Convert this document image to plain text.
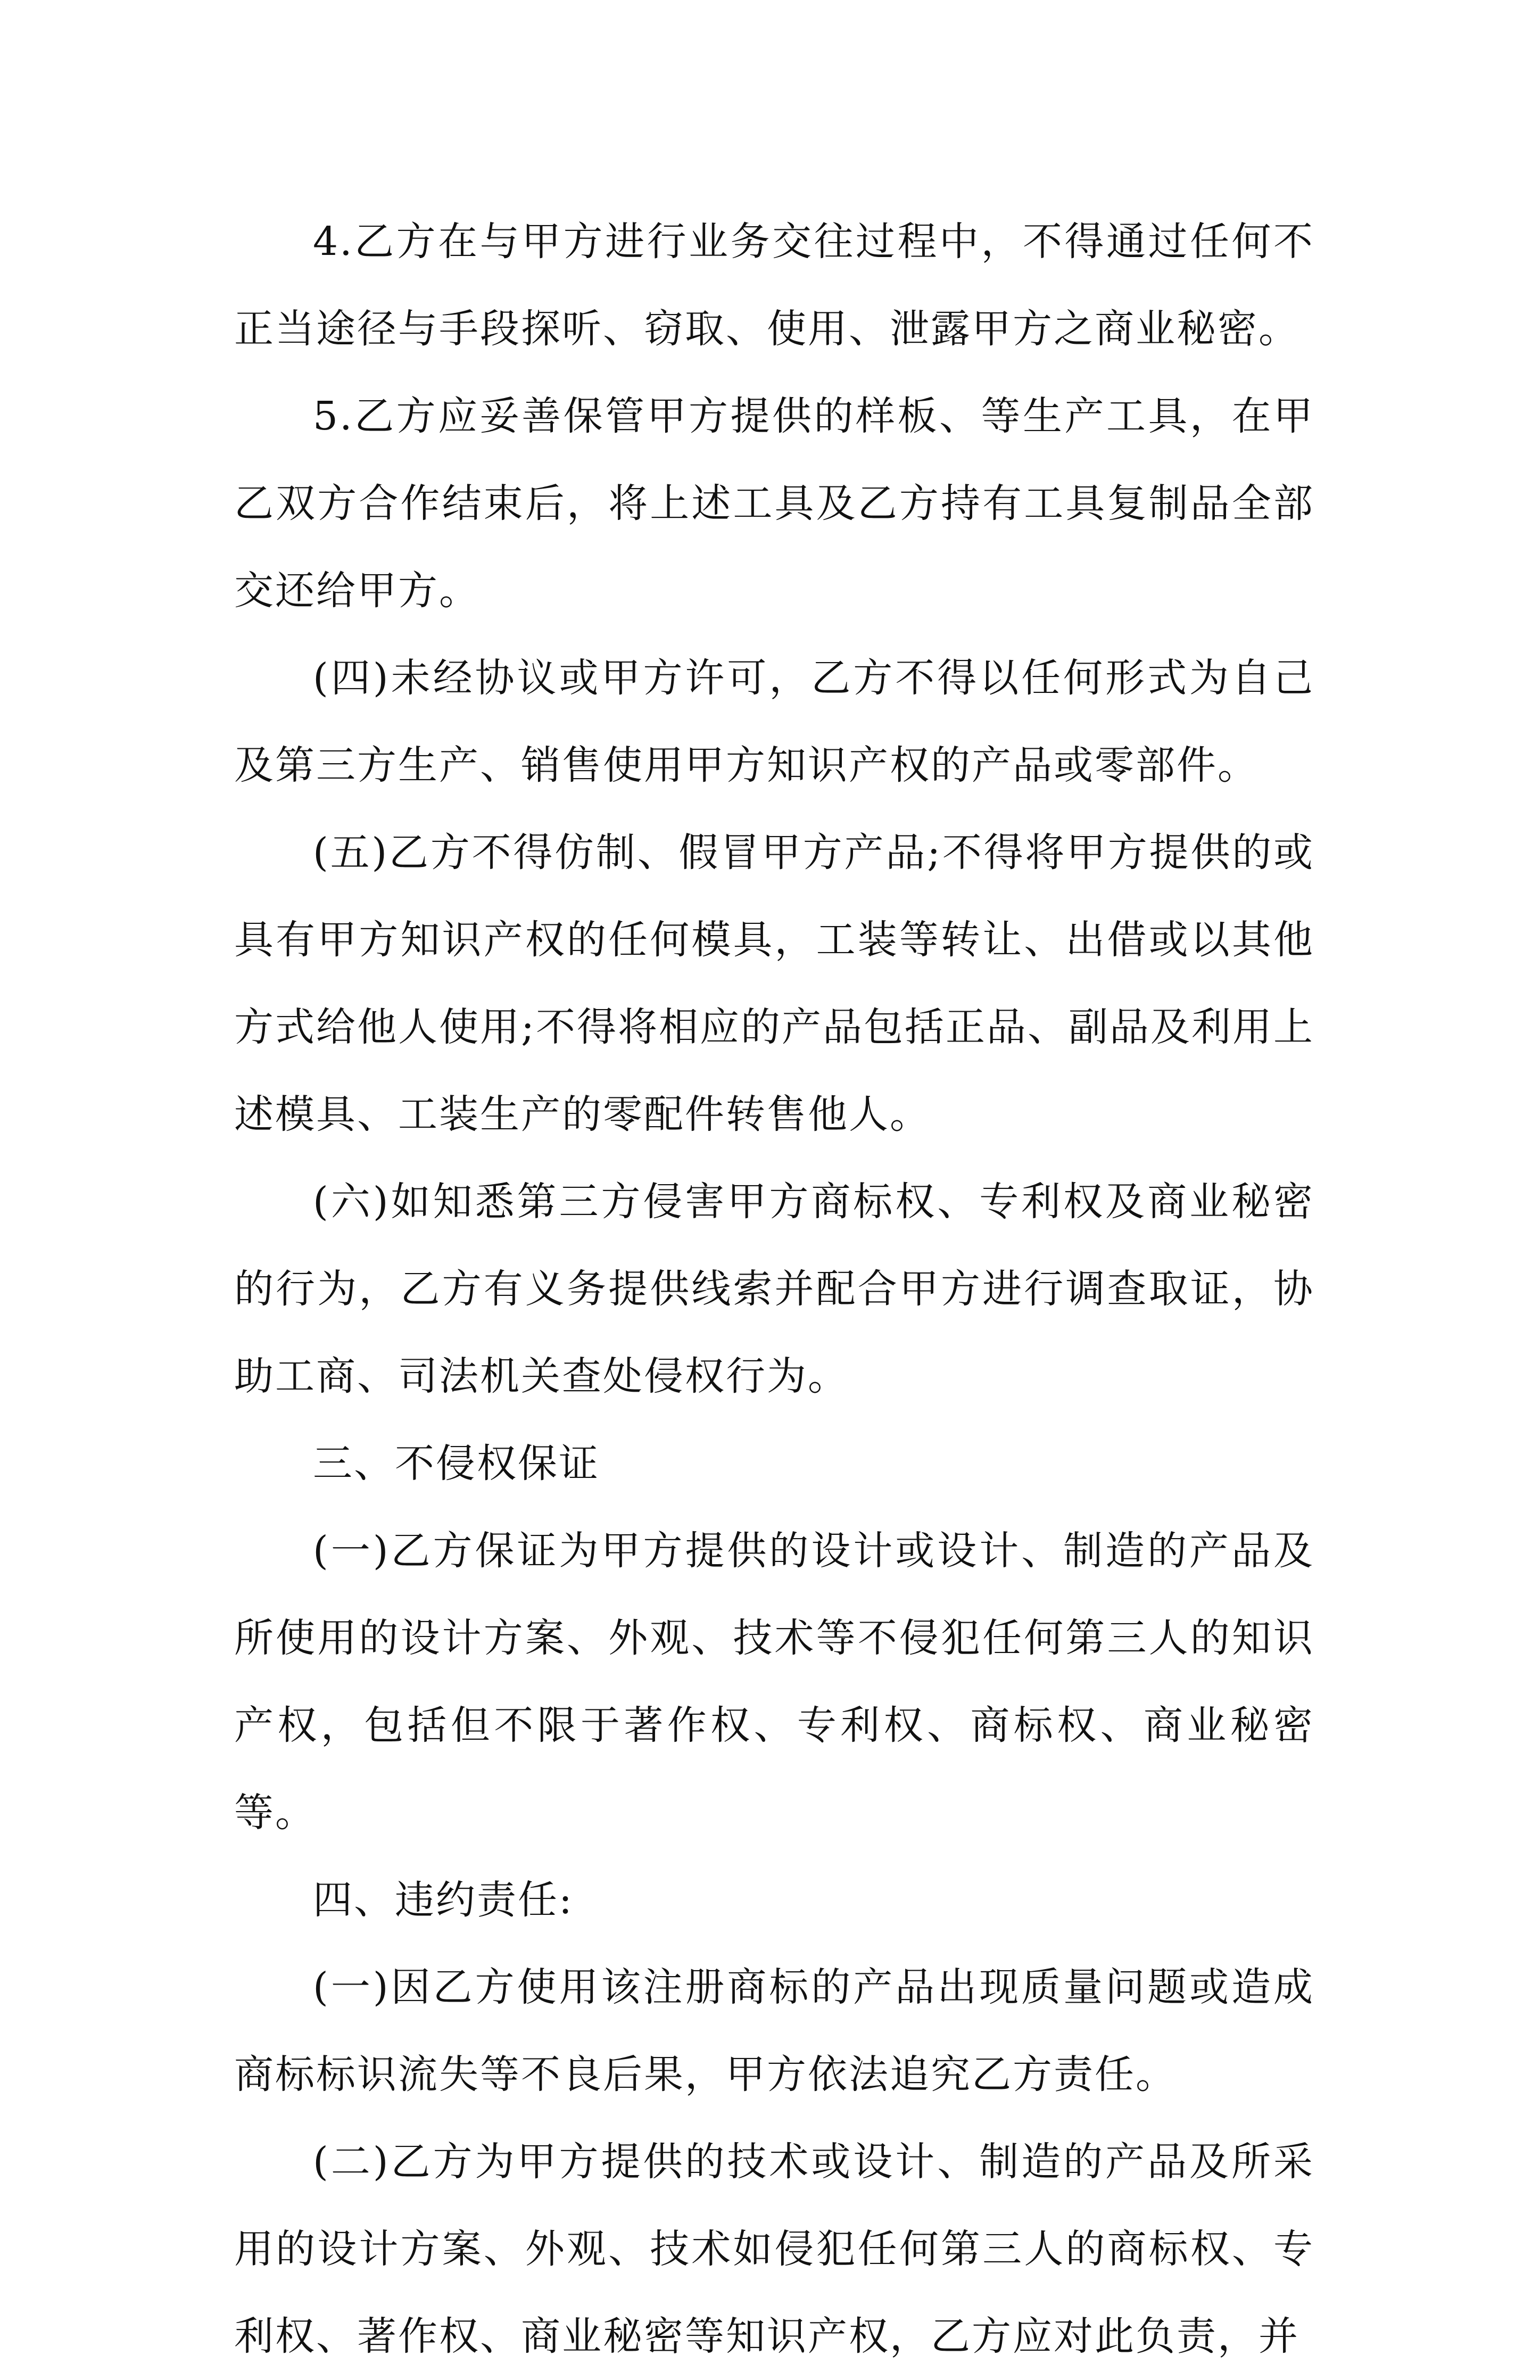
4.乙方在与甲方进行业务交往过程中，不得通过任何不正当途径与手段探听、窃取、使用、泄露甲方之商业秘密。

5.乙方应妥善保管甲方提供的样板、等生产工具，在甲乙双方合作结束后，将上述工具及乙方持有工具复制品全部交还给甲方。

(四)未经协议或甲方许可，乙方不得以任何形式为自己及第三方生产、销售使用甲方知识产权的产品或零部件。

(五)乙方不得仿制、假冒甲方产品;不得将甲方提供的或具有甲方知识产权的任何模具，工装等转让、出借或以其他方式给他人使用;不得将相应的产品包括正品、副品及利用上述模具、工装生产的零配件转售他人。

(六)如知悉第三方侵害甲方商标权、专利权及商业秘密的行为，乙方有义务提供线索并配合甲方进行调查取证，协助工商、司法机关查处侵权行为。

三、不侵权保证

(一)乙方保证为甲方提供的设计或设计、制造的产品及所使用的设计方案、外观、技术等不侵犯任何第三人的知识产权，包括但不限于著作权、专利权、商标权、商业秘密等。

四、违约责任:

(一)因乙方使用该注册商标的产品出现质量问题或造成商标标识流失等不良后果，甲方依法追究乙方责任。

(二)乙方为甲方提供的技术或设计、制造的产品及所采用的设计方案、外观、技术如侵犯任何第三人的商标权、专利权、著作权、商业秘密等知识产权，乙方应对此负责，并
